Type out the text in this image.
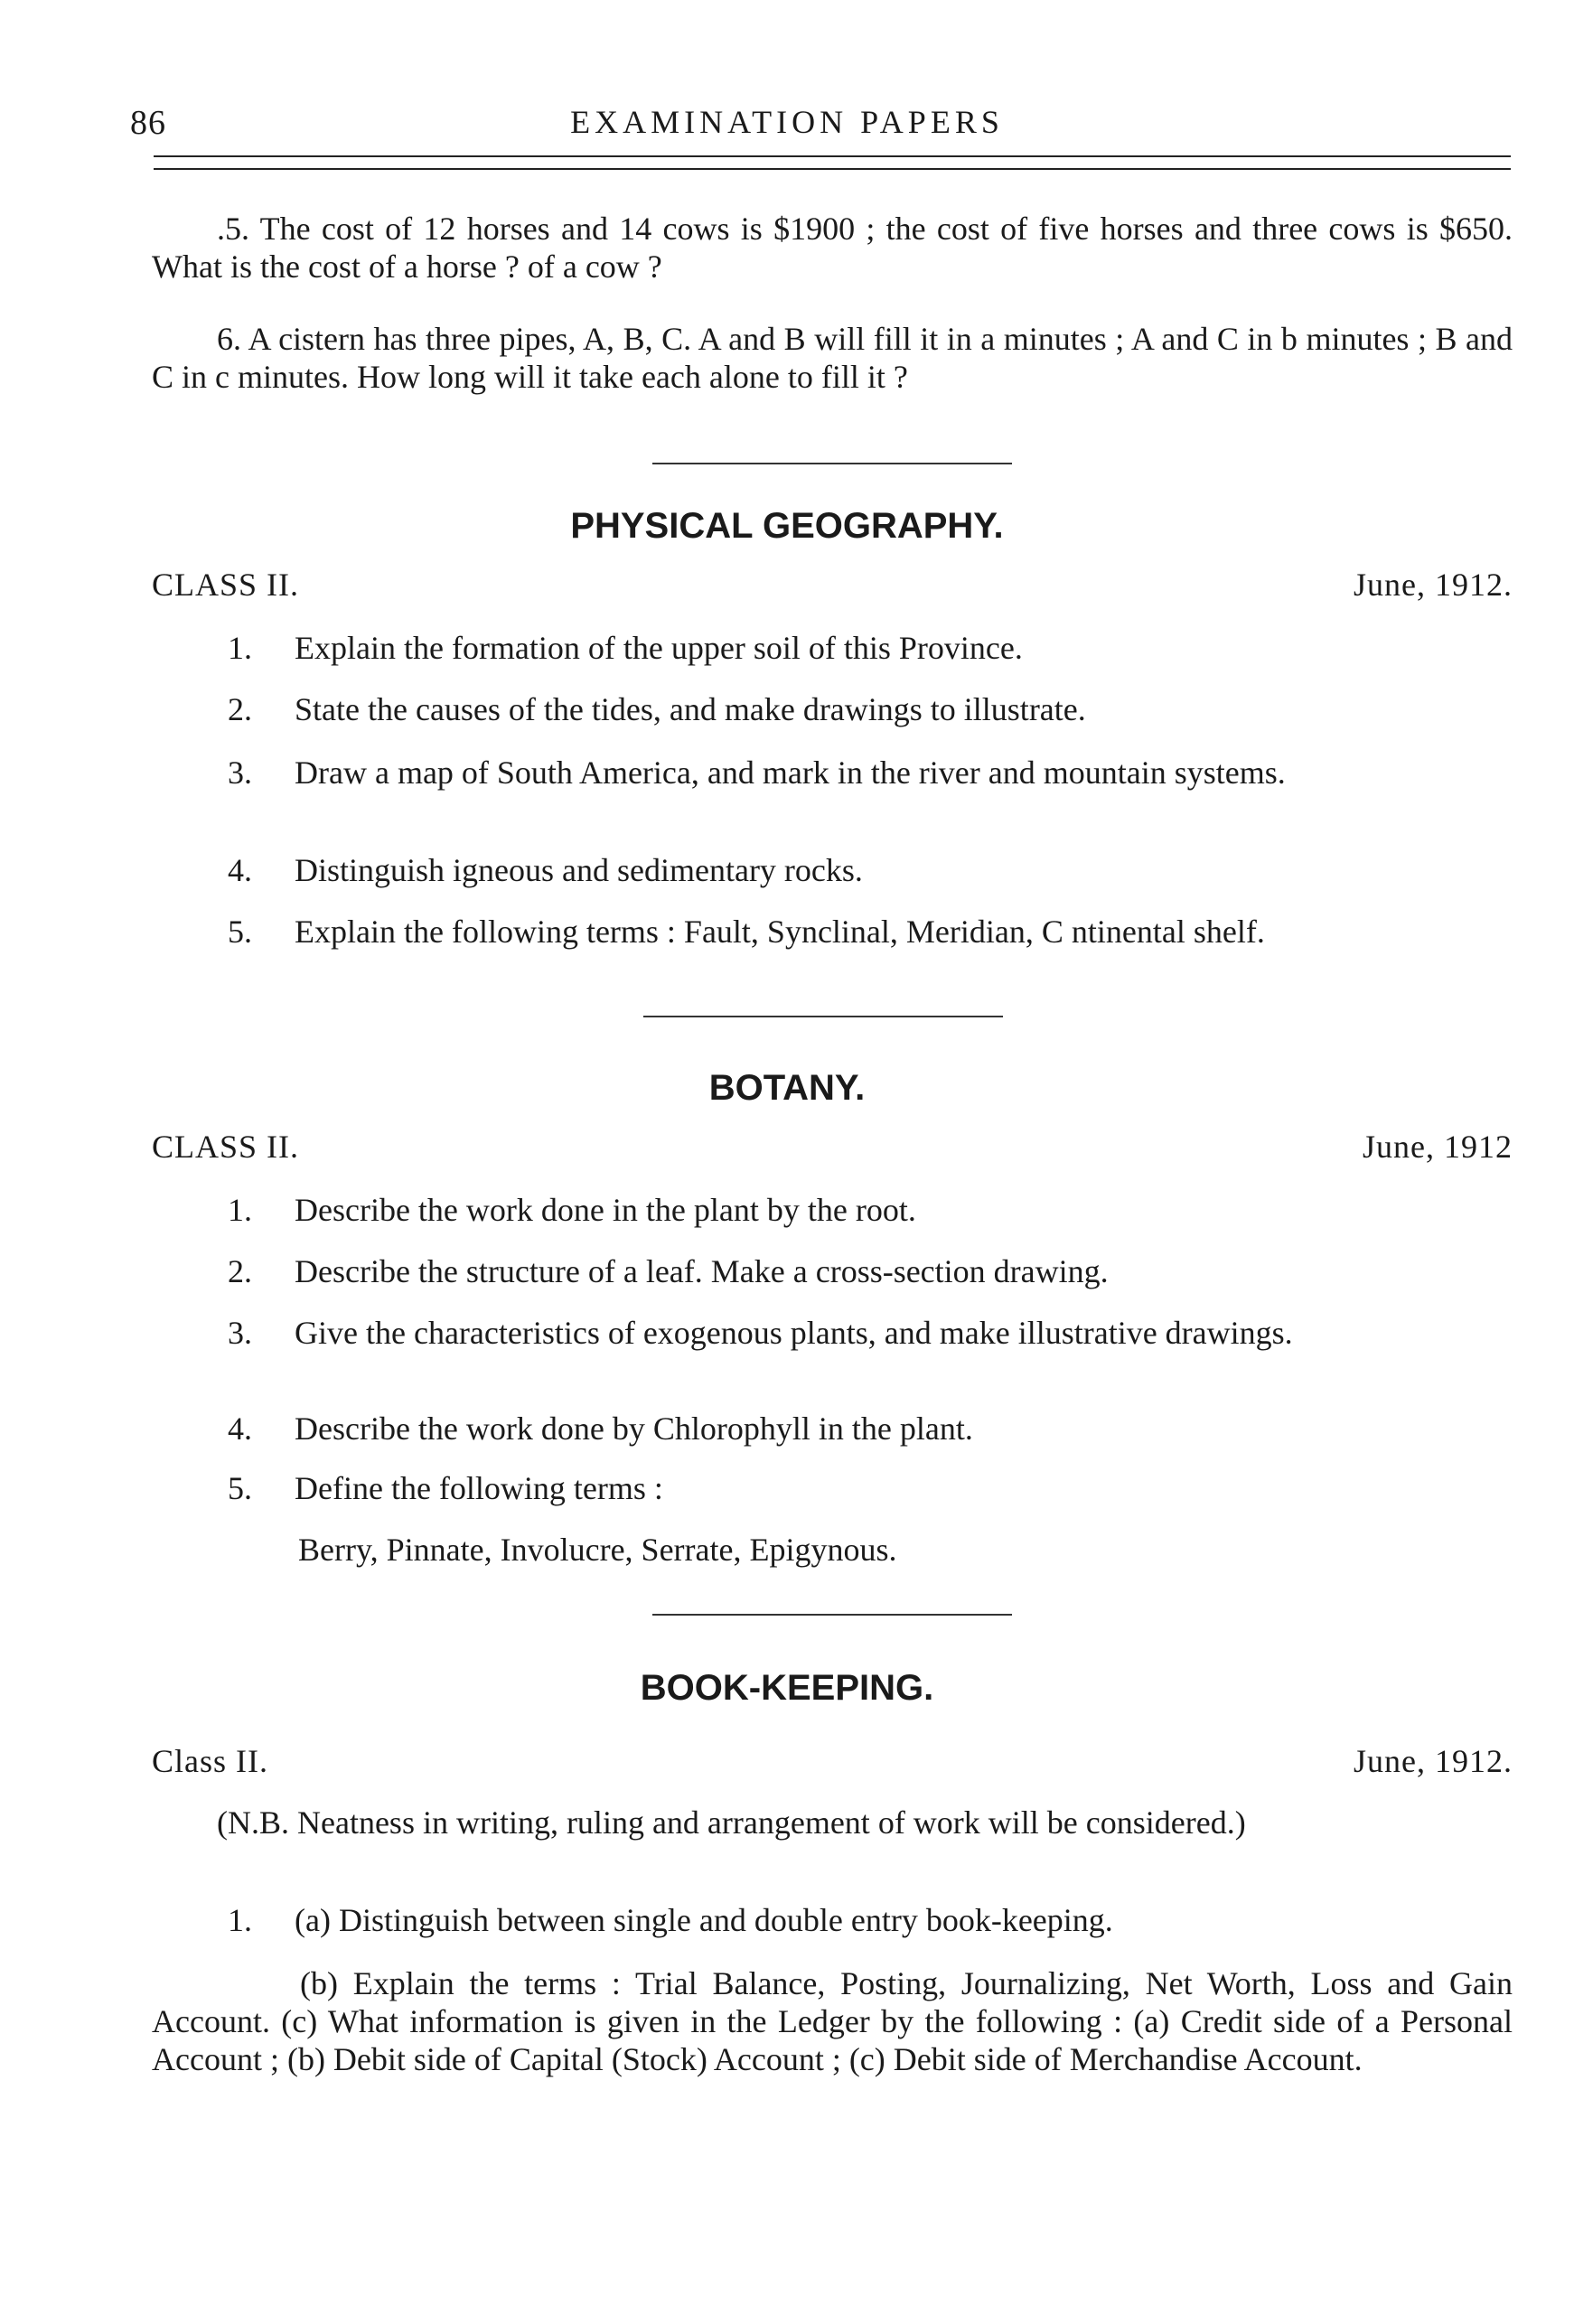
86	EXAMINATION PAPERS

.5. The cost of 12 horses and 14 cows is $1900 ; the cost of five horses and three cows is $650. What is the cost of a horse ? of a cow ?

6. A cistern has three pipes, A, B, C. A and B will fill it in a minutes ; A and C in b minutes ; B and C in c minutes. How long will it take each alone to fill it ?

PHYSICAL GEOGRAPHY.
CLASS II.	June, 1912.
1. Explain the formation of the upper soil of this Province.
2. State the causes of the tides, and make drawings to illustrate.
3. Draw a map of South America, and mark in the river and mountain systems.
4. Distinguish igneous and sedimentary rocks.
5. Explain the following terms : Fault, Synclinal, Meridian, C ntinental shelf.
BOTANY.
CLASS II.	June, 1912
1. Describe the work done in the plant by the root.
2. Describe the structure of a leaf. Make a cross-section drawing.
3. Give the characteristics of exogenous plants, and make illustrative drawings.
4. Describe the work done by Chlorophyll in the plant.
5. Define the following terms :
Berry, Pinnate, Involucre, Serrate, Epigynous.
BOOK-KEEPING.
Class II.	June, 1912.

(N.B. Neatness in writing, ruling and arrangement of work will be considered.)

1. (a) Distinguish between single and double entry book-keeping.

(b) Explain the terms : Trial Balance, Posting, Journalizing, Net Worth, Loss and Gain Account. (c) What information is given in the Ledger by the following : (a) Credit side of a Personal Account ; (b) Debit side of Capital (Stock) Account ; (c) Debit side of Merchandise Account.
